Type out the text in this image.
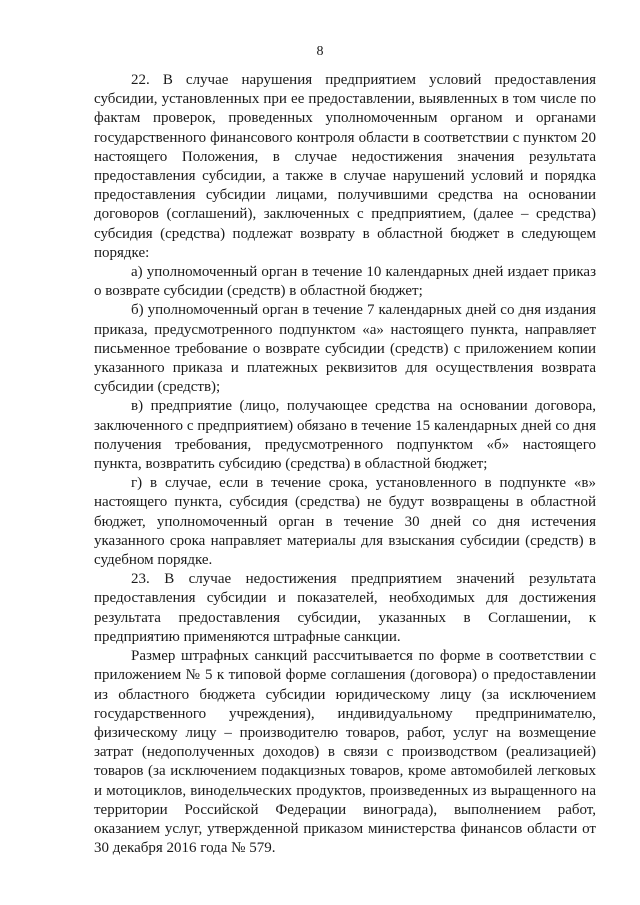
8

22. В случае нарушения предприятием условий предоставления субсидии, установленных при ее предоставлении, выявленных в том числе по фактам проверок, проведенных уполномоченным органом и органами государственного финансового контроля области в соответствии с пунктом 20 настоящего Положения, в случае недостижения значения результата предоставления субсидии, а также в случае нарушений условий и порядка предоставления субсидии лицами, получившими средства на основании договоров (соглашений), заключенных с предприятием, (далее – средства) субсидия (средства) подлежат возврату в областной бюджет в следующем порядке:

а) уполномоченный орган в течение 10 календарных дней издает приказ о возврате субсидии (средств) в областной бюджет;

б) уполномоченный орган в течение 7 календарных дней со дня издания приказа, предусмотренного подпунктом «а» настоящего пункта, направляет письменное требование о возврате субсидии (средств) с приложением копии указанного приказа и платежных реквизитов для осуществления возврата субсидии (средств);

в) предприятие (лицо, получающее средства на основании договора, заключенного с предприятием) обязано в течение 15 календарных дней со дня получения требования, предусмотренного подпунктом «б» настоящего пункта, возвратить субсидию (средства) в областной бюджет;

г) в случае, если в течение срока, установленного в подпункте «в» настоящего пункта, субсидия (средства) не будут возвращены в областной бюджет, уполномоченный орган в течение 30 дней со дня истечения указанного срока направляет материалы для взыскания субсидии (средств) в судебном порядке.

23. В случае недостижения предприятием значений результата предоставления субсидии и показателей, необходимых для достижения результата предоставления субсидии, указанных в Соглашении, к предприятию применяются штрафные санкции.

Размер штрафных санкций рассчитывается по форме в соответствии с приложением № 5 к типовой форме соглашения (договора) о предоставлении из областного бюджета субсидии юридическому лицу (за исключением государственного учреждения), индивидуальному предпринимателю, физическому лицу – производителю товаров, работ, услуг на возмещение затрат (недополученных доходов) в связи с производством (реализацией) товаров (за исключением подакцизных товаров, кроме автомобилей легковых и мотоциклов, винодельческих продуктов, произведенных из выращенного на территории Российской Федерации винограда), выполнением работ, оказанием услуг, утвержденной приказом министерства финансов области от 30 декабря 2016 года № 579.
